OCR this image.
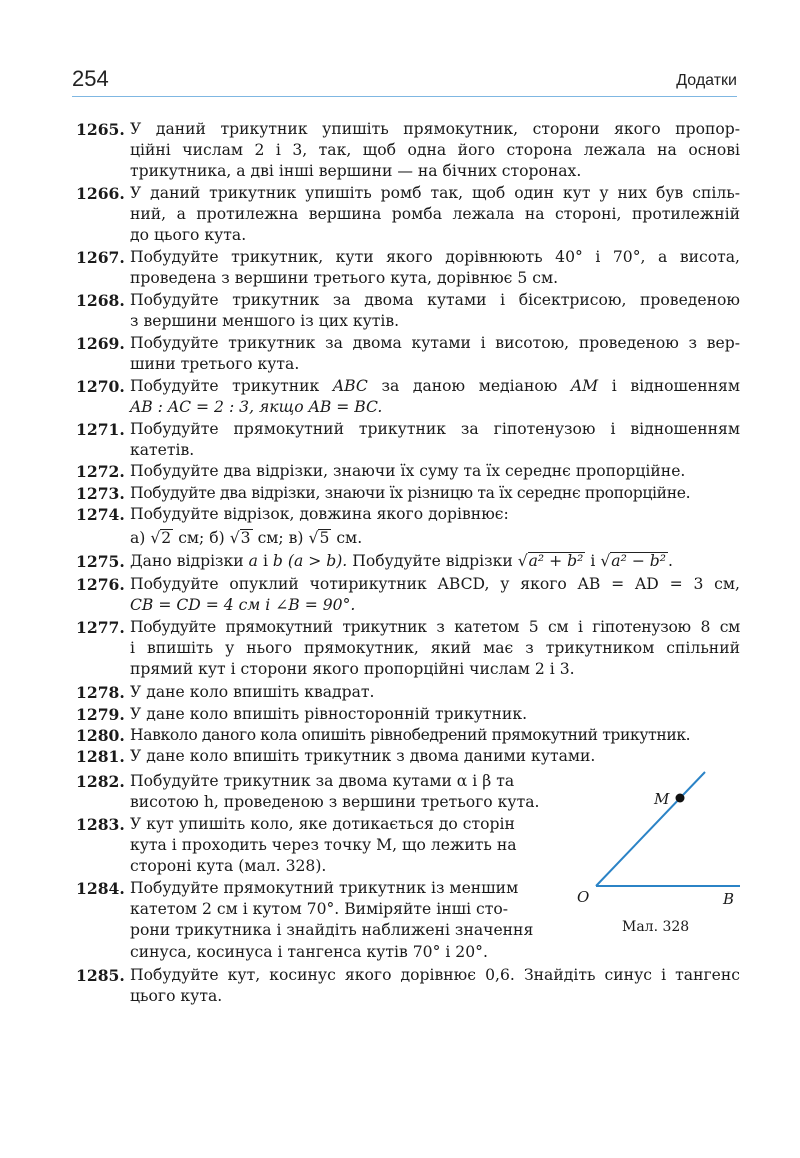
254	Додатки
1265. У даний трикутник упишіть прямокутник, сторони якого пропор-
ційні числам 2 і 3, так, щоб одна його сторона лежала на основі
трикутника, а дві інші вершини — на бічних сторонах.
1266. У даний трикутник упишіть ромб так, щоб один кут у них був спіль-
ний, а протилежна вершина ромба лежала на стороні, протилежній
до цього кута.
1267. Побудуйте трикутник, кути якого дорівнюють 40° і 70°, а висота,
проведена з вершини третього кута, дорівнює 5 см.
1268. Побудуйте трикутник за двома кутами і бісектрисою, проведеною
з вершини меншого із цих кутів.
1269. Побудуйте трикутник за двома кутами і висотою, проведеною з вер-
шини третього кута.
1270. Побудуйте трикутник ABC за даною медіаною AM і відношенням
AB : AC = 2 : 3, якщо AB = BC.
1271. Побудуйте прямокутний трикутник за гіпотенузою і відношенням
катетів.
1272. Побудуйте два відрізки, знаючи їх суму та їх середнє пропорційне.
1273. Побудуйте два відрізки, знаючи їх різницю та їх середнє пропорційне.
1274. Побудуйте відрізок, довжина якого дорівнює:
а) √2 см; б) √3 см; в) √5 см.
1275. Дано відрізки a і b (a > b). Побудуйте відрізки √a² + b² і √a² − b² .
1276. Побудуйте опуклий чотирикутник ABCD, у якого AB = AD = 3 см,
CB = CD = 4 см і ∠B = 90°.
1277. Побудуйте прямокутний трикутник з катетом 5 см і гіпотенузою 8 см
і впишіть у нього прямокутник, який має з трикутником спільний
прямий кут і сторони якого пропорційні числам 2 і 3.
1278. У дане коло впишіть квадрат.
1279. У дане коло впишіть рівносторонній трикутник.
1280. Навколо даного кола опишіть рівнобедрений прямокутний трикутник.
1281. У дане коло впишіть трикутник з двома даними кутами.
1282. Побудуйте трикутник за двома кутами α і β та
висотою h, проведеною з вершини третього кута.
1283. У кут упишіть коло, яке дотикається до сторін
кута і проходить через точку M, що лежить на
стороні кута (мал. 328).
1284. Побудуйте прямокутний трикутник із меншим
катетом 2 см і кутом 70°. Виміряйте інші сто-
рони трикутника і знайдіть наближені значення
синуса, косинуса і тангенса кутів 70° і 20°.
1285. Побудуйте кут, косинус якого дорівнює 0,6. Знайдіть синус і тангенс
цього кута.
M
O	B
Мал. 328
